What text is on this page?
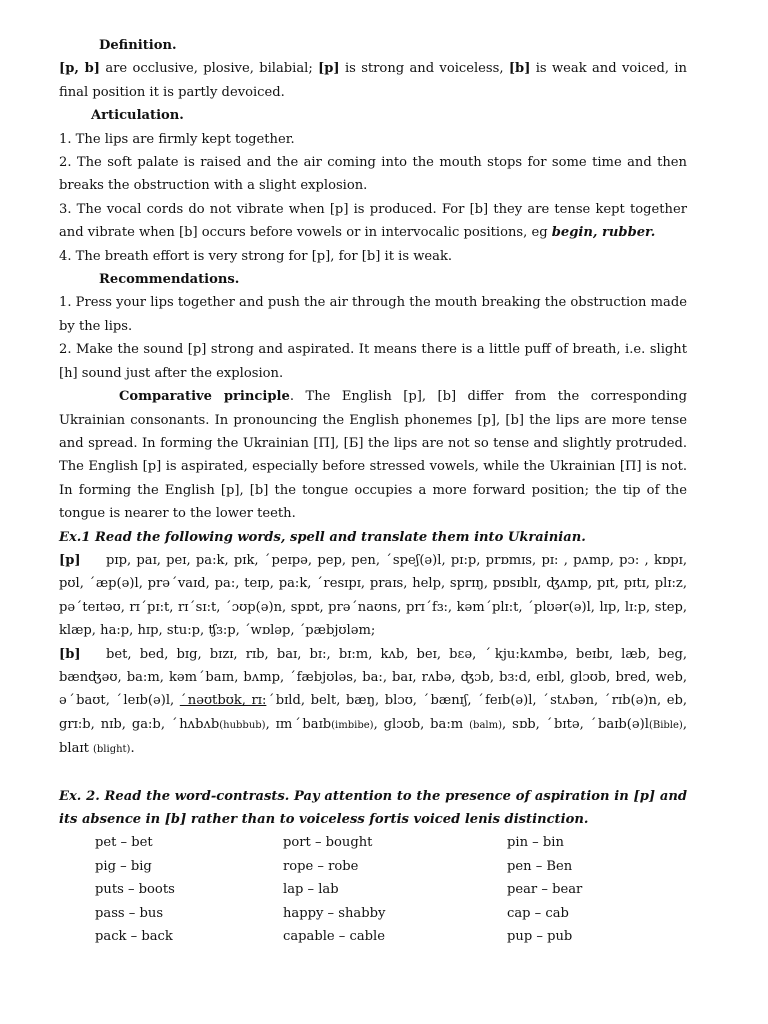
Definition.

[p, b] are occlusive, plosive, bilabial; [p] is strong and voiceless, [b] is weak and voiced, in final position it is partly devoiced.

Articulation.

1. The lips are firmly kept together.

2. The soft palate is raised and the air coming into the mouth stops for some time and then breaks the obstruction with a slight explosion.

3. The vocal cords do not vibrate when [p] is produced. For [b] they are tense kept together and vibrate when [b] occurs before vowels or in intervocalic positions, eg begin, rubber.

4. The breath effort is very strong for [p], for [b] it is weak.

Recommendations.

1. Press your lips together and push the air through the mouth breaking the obstruction made by the lips.

2. Make the sound [p] strong and aspirated. It means there is a little puff of breath, i.e. slight [h] sound just after the explosion.

Comparative principle. The English [p], [b] differ from the corresponding Ukrainian consonants. In pronouncing the English phonemes [p], [b] the lips are more tense and spread. In forming the Ukrainian [П], [Б] the lips are not so tense and slightly protruded. The English [p] is aspirated, especially before stressed vowels, while the Ukrainian [П] is not. In forming the English [p], [b] the tongue occupies a more forward position; the tip of the tongue is nearer to the lower teeth.

Ex.1 Read the following words, spell and translate them into Ukrainian.

[p] pɪp, paɪ, peɪ, pa:k, pɪk, ˊpeɪpə, pep, pen, ˊspeʃ(ə)l, pɪ:p, prɒmɪs, pɪ: , pʌmp, pɔ: , kɒpɪ, pʊl, ˊæp(ə)l, prəˊvaɪd, pa:, teɪp, pa:k, ˊresɪpɪ, praɪs, help, sprɪŋ, pɒsɪblɪ, ʤʌmp, pɪt, pɪtɪ, plɪ:z, pəˊteɪtəʊ, rɪˊpɪ:t, rɪˊsɪ:t, ˊɔʊp(ə)n, spɒt, prəˊnaʊns, prɪˊfɜ:, kəmˊplɪ:t, ˊplʊər(ə)l, lɪp, lɪ:p, step, klæp, ha:p, hɪp, stu:p, ʧɜ:p, ˊwɒləp, ˊpæbjʊləm;

[b] bet, bed, bɪg, bɪzɪ, rɪb, baɪ, bɪ:, bɪ:m, kʌb, beɪ, bɛə, ˊkju:kʌmbə, beɪbɪ, læb, beg, bænʤəʊ, ba:m, kəmˊbaɪn, bʌmp, ˊfæbjʊləs, ba:, baɪ, rʌbə, ʤɔb, bɜ:d, eɪbl, glɔʊb, bred, web, əˊbaʊt, ˊleɪb(ə)l, ˊnəʊtbʊk, rɪ:ˊbɪld, belt, bæŋ, blɔʊ, ˊbænɪʃ, ˊfeɪb(ə)l, ˊstʌbən, ˊrɪb(ə)n, eb, grɪ:b, nɪb, ga:b, ˊhʌbʌb(hubbub), ɪmˊbaɪb(imbibe), glɔʊb, ba:m (balm), sɒb, ˊbɪtə, ˊbaɪb(ə)l(Bible), blaɪt (blight).

Ex. 2. Read the word-contrasts. Pay attention to the presence of aspiration in [p] and its absence in [b] rather than to voiceless fortis voiced lenis distinction.

pet – bet	port – bought	pin – bin
pig – big	rope – robe	pen – Ben
puts – boots	lap – lab	pear – bear
pass – bus	happy – shabby	cap – cab
pack – back	capable – cable	pup – pub
